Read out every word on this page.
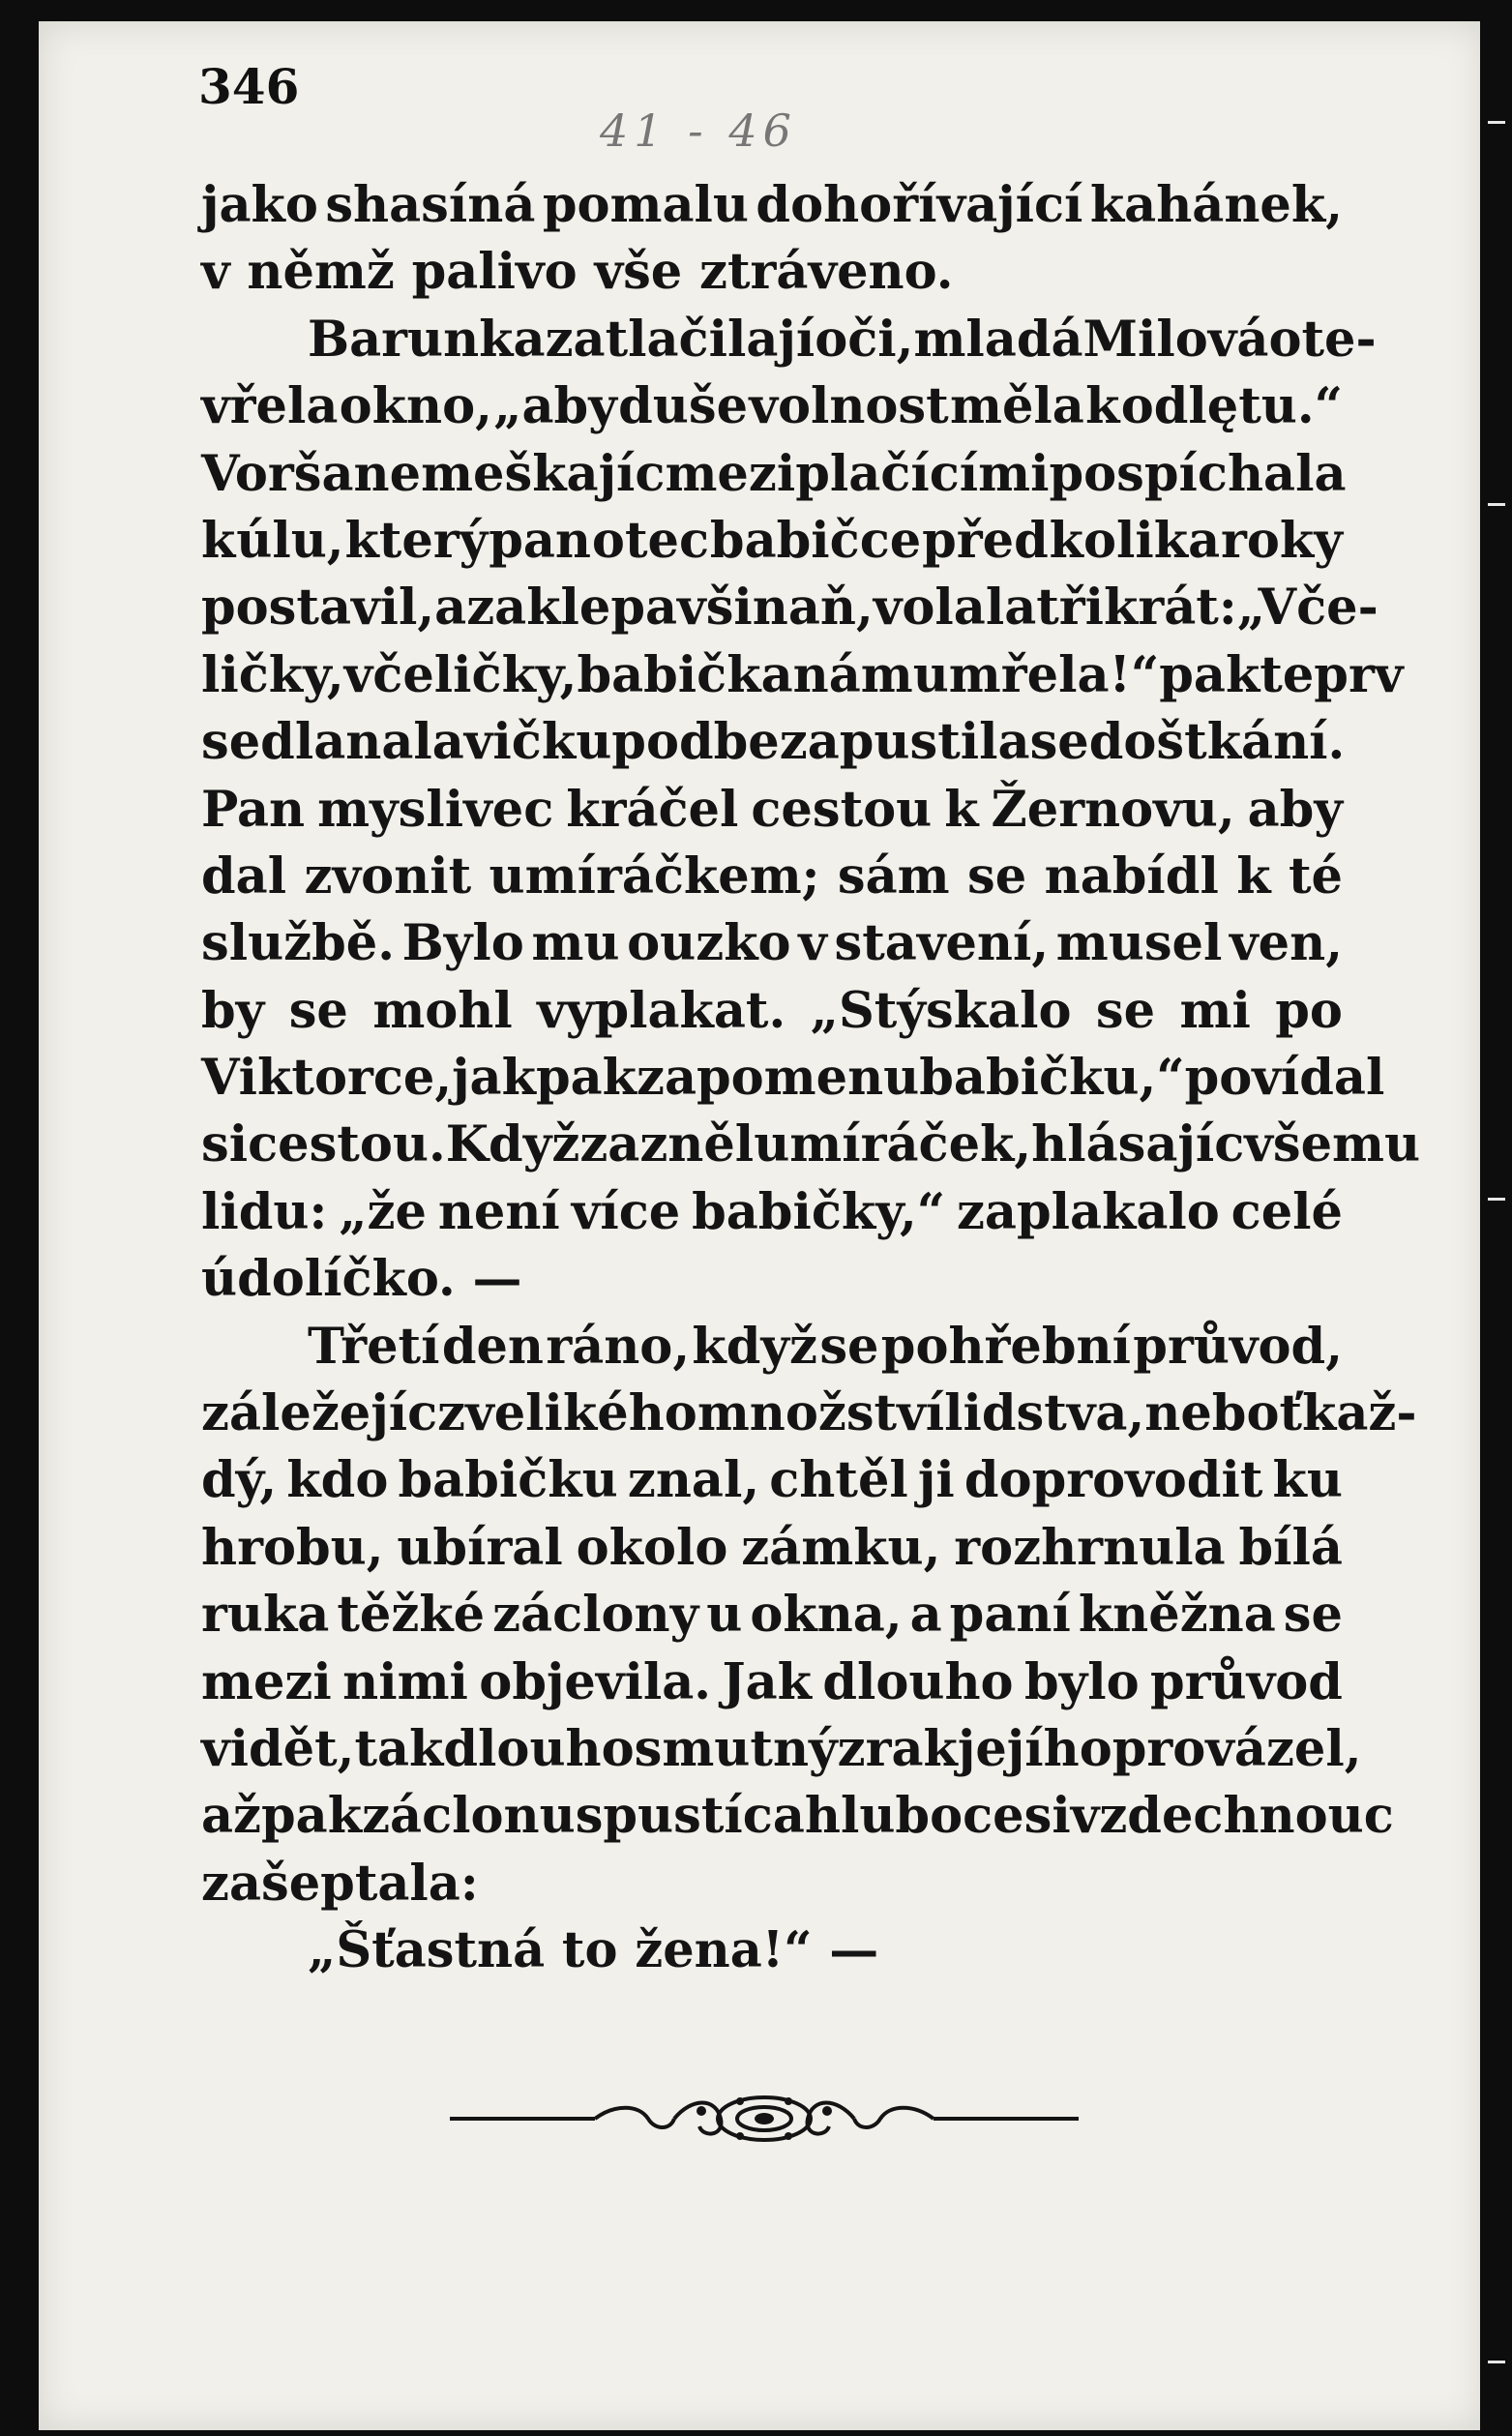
346
41 - 46
jako shasíná pomalu dohořívající kahánek,
v němž palivo vše ztráveno.
Barunka zatlačila jí oči, mladá Milová ote-
vřela okno, „aby duše volnost měla k odlętu.“
Vorša nemeškajíc mezi plačícími pospíchala
k úlu, který pan otec babičce před kolika roky
postavil, a zaklepavši naň, volala třikrát: „Vče-
ličky, včeličky, babička nám umřela!“ pak teprv
sedla na lavičku pod bez a pustila se do štkání.
Pan myslivec kráčel cestou k Žernovu, aby
dal zvonit umíráčkem; sám se nabídl k té
službě. Bylo mu ouzko v stavení, musel ven,
by se mohl vyplakat. „Stýskalo se mi po
Viktorce, jak pak zapomenu babičku,“ povídal
si cestou. Když zazněl umíráček, hlásajíc všemu
lidu: „že není více babičky,“ zaplakalo celé
údolíčko. —
Třetí den ráno, když se pohřební průvod,
záležejíc z velikého množství lidstva, neboť kaž-
dý, kdo babičku znal, chtěl ji doprovodit ku
hrobu, ubíral okolo zámku, rozhrnula bílá
ruka těžké záclony u okna, a paní kněžna se
mezi nimi objevila. Jak dlouho bylo průvod
vidět, tak dlouho smutný zrak její ho provázel,
až pak záclonu spustíc a hluboce si vzdechnouc
zašeptala:
„Šťastná to žena!“ —
